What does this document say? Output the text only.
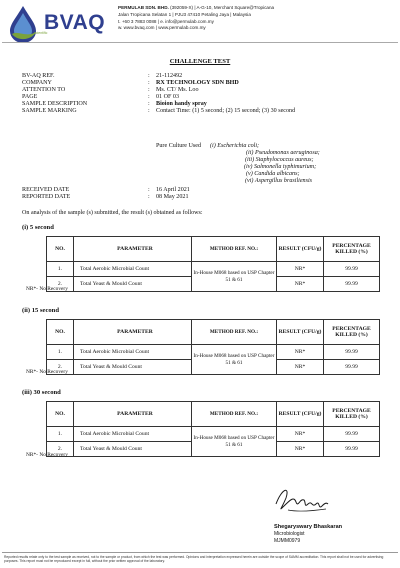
BVAQ
scientific
PERMULAB SDN. BHD. (392059-X) | A-G-10, Merchant Square@Tropicana
Jalan Tropicana Selatan 1 | PJU3 47410 Petaling Jaya | Malaysia
t. +60 3 7883 0088 | e. info@permulab.com.my
w. www.bvaq.com | www.permulab.com.my
CHALLENGE TEST
BV-AQ REF.	:	21-112492
COMPANY	:	RX TECHNOLOGY SDN BHD
ATTENTION TO	:	Ms. CT/ Ms. Loo
PAGE	:	01 OF 03
SAMPLE DESCRIPTION	:	Bioion handy spray
SAMPLE MARKING	:	Contact Time: (1) 5 second; (2) 15 second; (3) 30 second
Pure Culture Used	(i) Escherichia coli;
(ii) Pseudomonas aeruginosa;
(iii) Staphylococcus aureus;
(iv) Salmonella typhimurium;
(v) Candida albicans;
(vi) Aspergillus brasiliensis
RECEIVED DATE	:	16 April 2021
REPORTED DATE	:	08 May 2021
On analysis of the sample (s) submitted, the result (s) obtained as follows:
(i) 5 second
NO.	PARAMETER	METHOD REF. NO.:	RESULT (CFU/g)	PERCENTAGE KILLED (%)
1.	Total Aerobic Microbial Count	In-House M068 based on USP Chapter 51 & 61	NR*	99.99
2.	Total Yeast & Mould Count		NR*	99.99
NR*- No Recovery
(ii) 15 second
NO.	PARAMETER	METHOD REF. NO.:	RESULT (CFU/g)	PERCENTAGE KILLED (%)
1.	Total Aerobic Microbial Count	In-House M068 based on USP Chapter 51 & 61	NR*	99.99
2.	Total Yeast & Mould Count		NR*	99.99
NR*- No Recovery
(iii) 30 second
NO.	PARAMETER	METHOD REF. NO.:	RESULT (CFU/g)	PERCENTAGE KILLED (%)
1.	Total Aerobic Microbial Count	In-House M068 based on USP Chapter 51 & 61	NR*	99.99
2.	Total Yeast & Mould Count		NR*	99.99
NR*- No Recovery
Shegaryswary Bhaskaran
Microbiologist
MJMM0979
Reported results relate only to the test sample as received, not to the sample or product, from which the test was performed. Opinions and interpretation expressed herein are outside the scope of SAMM accreditation. This report shall not be used for advertising purposes. This report must not be reproduced except in full, without the prior written approval of the laboratory.
